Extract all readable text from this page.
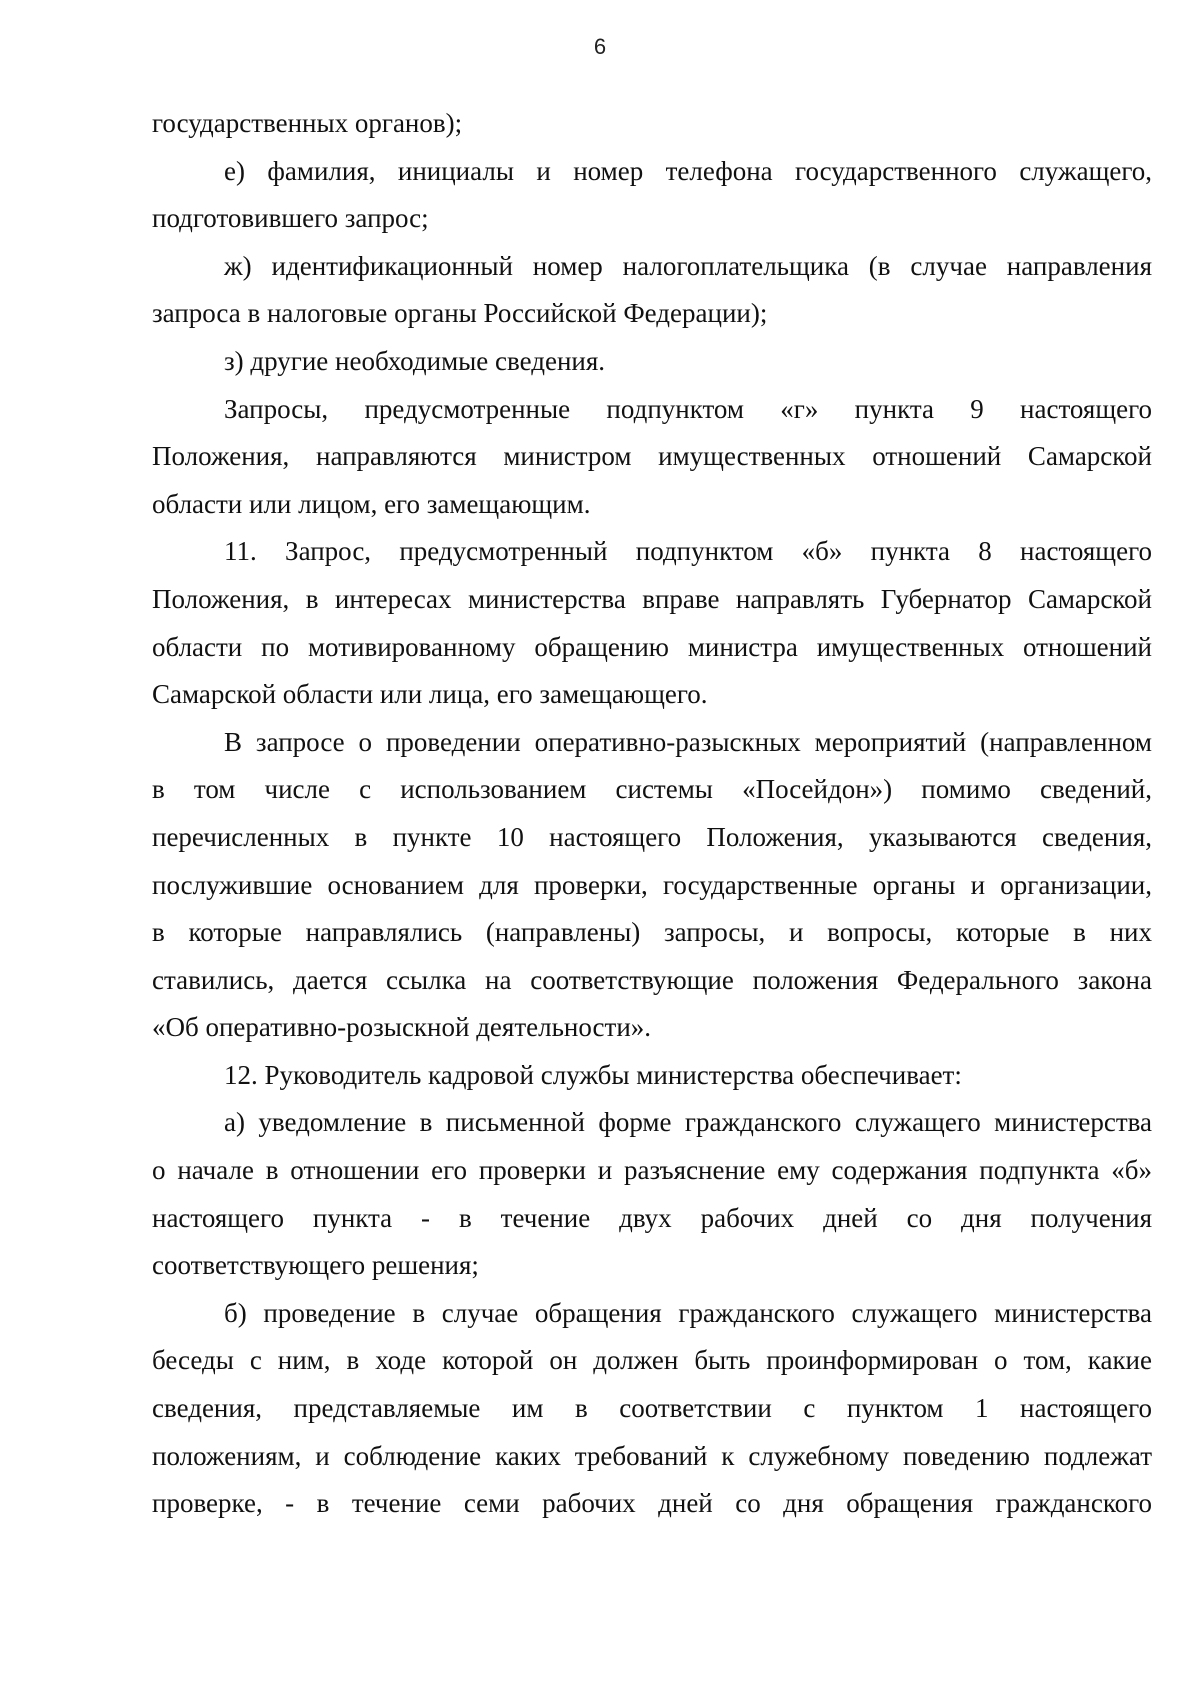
6
государственных органов);
е) фамилия, инициалы и номер телефона государственного служащего,
подготовившего запрос;
ж) идентификационный номер налогоплательщика (в случае направления
запроса в налоговые органы Российской Федерации);
з) другие необходимые сведения.
Запросы, предусмотренные подпунктом «г» пункта 9 настоящего
Положения, направляются министром имущественных отношений Самарской
области или лицом, его замещающим.
11. Запрос, предусмотренный подпунктом «б» пункта 8 настоящего
Положения, в интересах министерства вправе направлять Губернатор Самарской
области по мотивированному обращению министра имущественных отношений
Самарской области или лица, его замещающего.
В запросе о проведении оперативно-разыскных мероприятий (направленном
в том числе с использованием системы «Посейдон») помимо сведений,
перечисленных в пункте 10 настоящего Положения, указываются сведения,
послужившие основанием для проверки, государственные органы и организации,
в которые направлялись (направлены) запросы, и вопросы, которые в них
ставились, дается ссылка на соответствующие положения Федерального закона
«Об оперативно-розыскной деятельности».
12. Руководитель кадровой службы министерства обеспечивает:
а) уведомление в письменной форме гражданского служащего министерства
о начале в отношении его проверки и разъяснение ему содержания подпункта «б»
настоящего пункта - в течение двух рабочих дней со дня получения
соответствующего решения;
б) проведение в случае обращения гражданского служащего министерства
беседы с ним, в ходе которой он должен быть проинформирован о том, какие
сведения, представляемые им в соответствии с пунктом 1 настоящего
положениям, и соблюдение каких требований к служебному поведению подлежат
проверке, - в течение семи рабочих дней со дня обращения гражданского
